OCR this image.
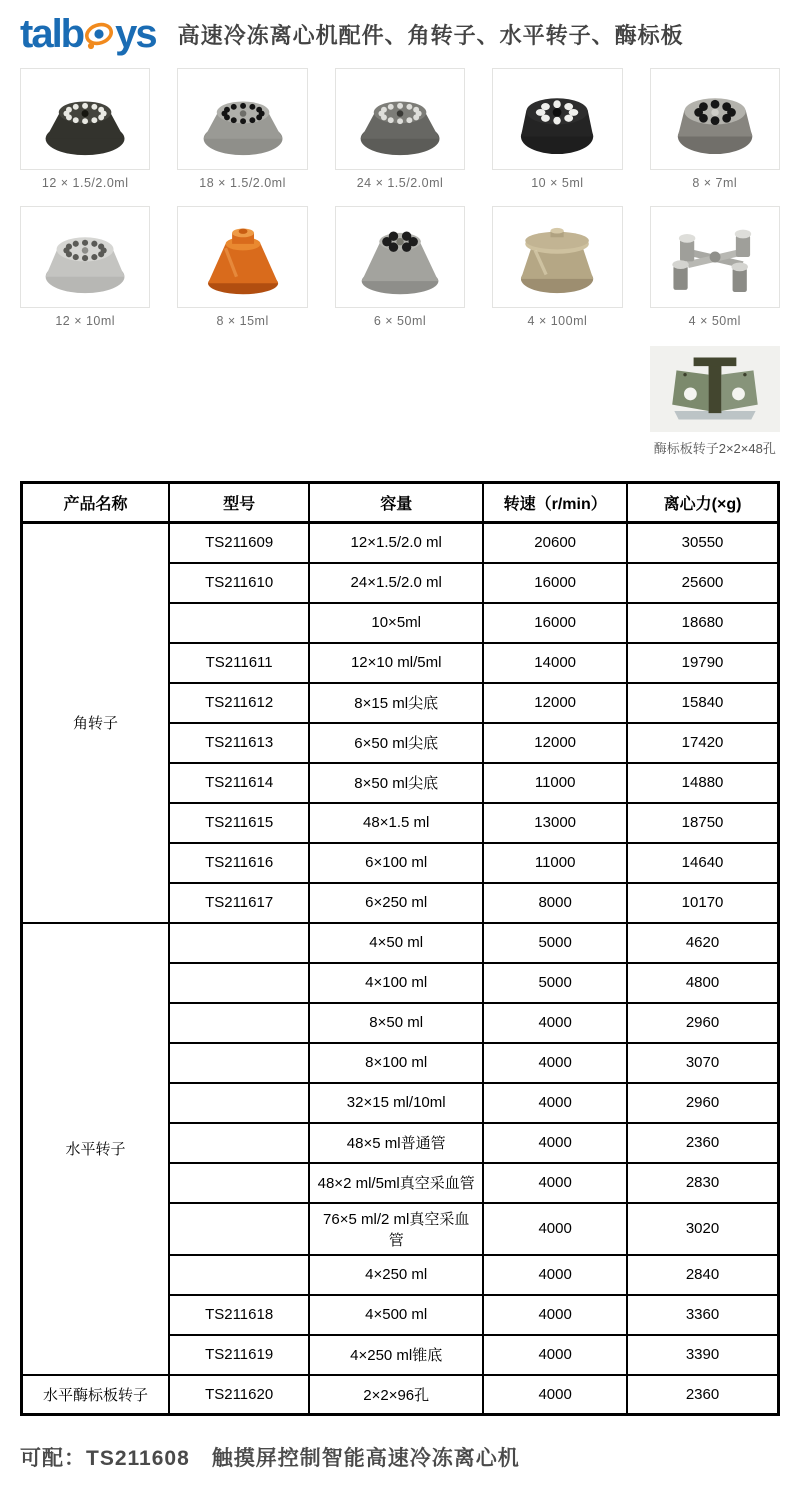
talb ys 高速冷冻离心机配件、角转子、水平转子、酶标板
12 × 1.5/2.0ml	18 × 1.5/2.0ml	24 × 1.5/2.0ml	10 × 5ml	8 × 7ml
12 × 10ml	8 × 15ml	6 × 50ml	4 × 100ml	4 × 50ml
酶标板转子2×2×48孔
产品名称	型号	容量	转速（r/min）	离心力(×g)
角转子	TS211609	12×1.5/2.0 ml	20600	30550
	TS211610	24×1.5/2.0 ml	16000	25600
		10×5ml	16000	18680
	TS211611	12×10 ml/5ml	14000	19790
	TS211612	8×15 ml尖底	12000	15840
	TS211613	6×50 ml尖底	12000	17420
	TS211614	8×50 ml尖底	11000	14880
	TS211615	48×1.5 ml	13000	18750
	TS211616	6×100 ml	11000	14640
	TS211617	6×250 ml	8000	10170
水平转子		4×50 ml	5000	4620
		4×100 ml	5000	4800
		8×50 ml	4000	2960
		8×100 ml	4000	3070
		32×15 ml/10ml	4000	2960
		48×5 ml普通管	4000	2360
		48×2 ml/5ml真空采血管	4000	2830
		76×5 ml/2 ml真空采血管	4000	3020
		4×250 ml	4000	2840
	TS211618	4×500 ml	4000	3360
	TS211619	4×250 ml锥底	4000	3390
水平酶标板转子	TS211620	2×2×96孔	4000	2360
可配：TS211608　触摸屏控制智能高速冷冻离心机
